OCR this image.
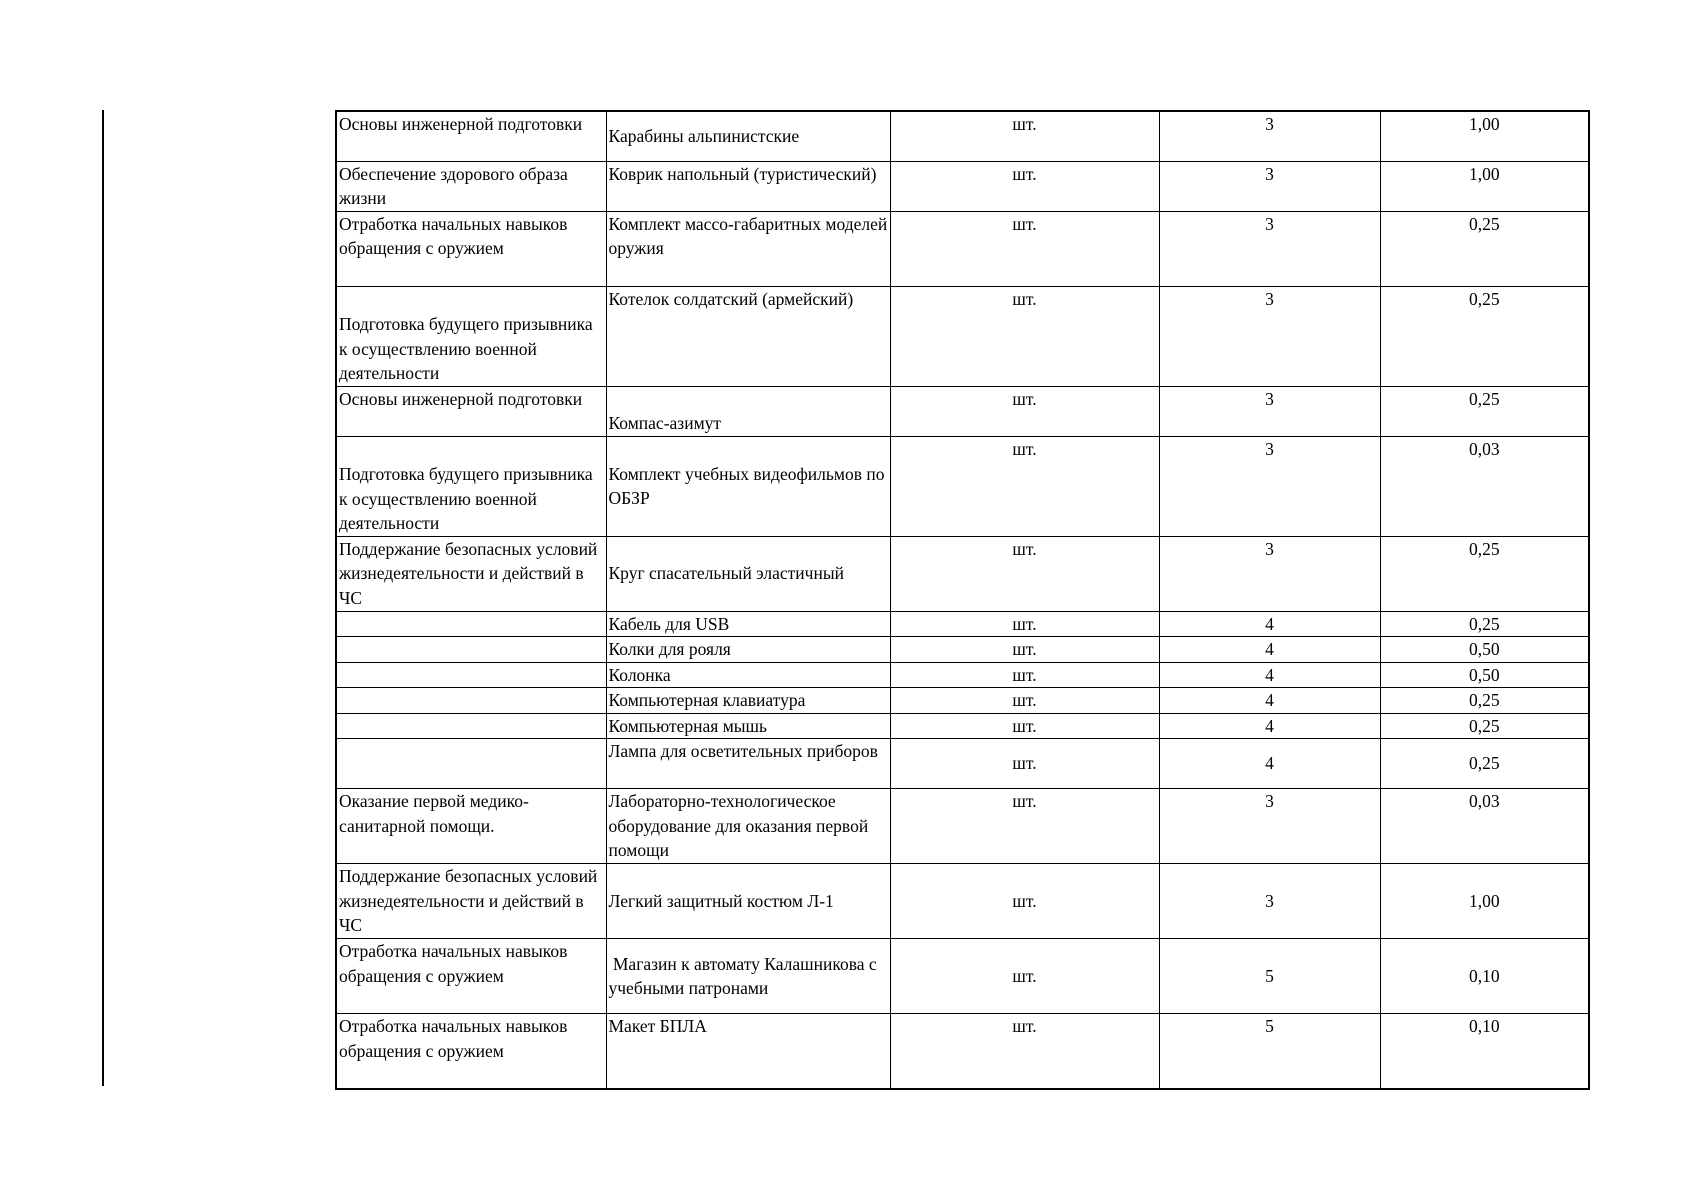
Основы инженерной подготовки	Карабины альпинистские	шт.	3	1,00
Обеспечение здорового образа жизни	Коврик напольный (туристический)	шт.	3	1,00
Отработка начальных навыков обращения с оружием	Комплект массо-габаритных моделей оружия	шт.	3	0,25
Подготовка будущего призывника к осуществлению военной деятельности	Котелок солдатский (армейский)	шт.	3	0,25
Основы инженерной подготовки	Компас-азимут	шт.	3	0,25
Подготовка будущего призывника к осуществлению военной деятельности	Комплект учебных видеофильмов по ОБЗР	шт.	3	0,03
Поддержание безопасных условий жизнедеятельности и действий в ЧС	Круг спасательный эластичный	шт.	3	0,25
	Кабель для USB	шт.	4	0,25
	Колки для рояля	шт.	4	0,50
	Колонка	шт.	4	0,50
	Компьютерная клавиатура	шт.	4	0,25
	Компьютерная мышь	шт.	4	0,25
	Лампа для осветительных приборов	шт.	4	0,25
Оказание первой медико-санитарной помощи.	Лабораторно-технологическое оборудование для оказания первой помощи	шт.	3	0,03
Поддержание безопасных условий жизнедеятельности и действий в ЧС	Легкий защитный костюм Л-1	шт.	3	1,00
Отработка начальных навыков обращения с оружием	Магазин к автомату Калашникова с учебными патронами	шт.	5	0,10
Отработка начальных навыков обращения с оружием	Макет БПЛА	шт.	5	0,10
